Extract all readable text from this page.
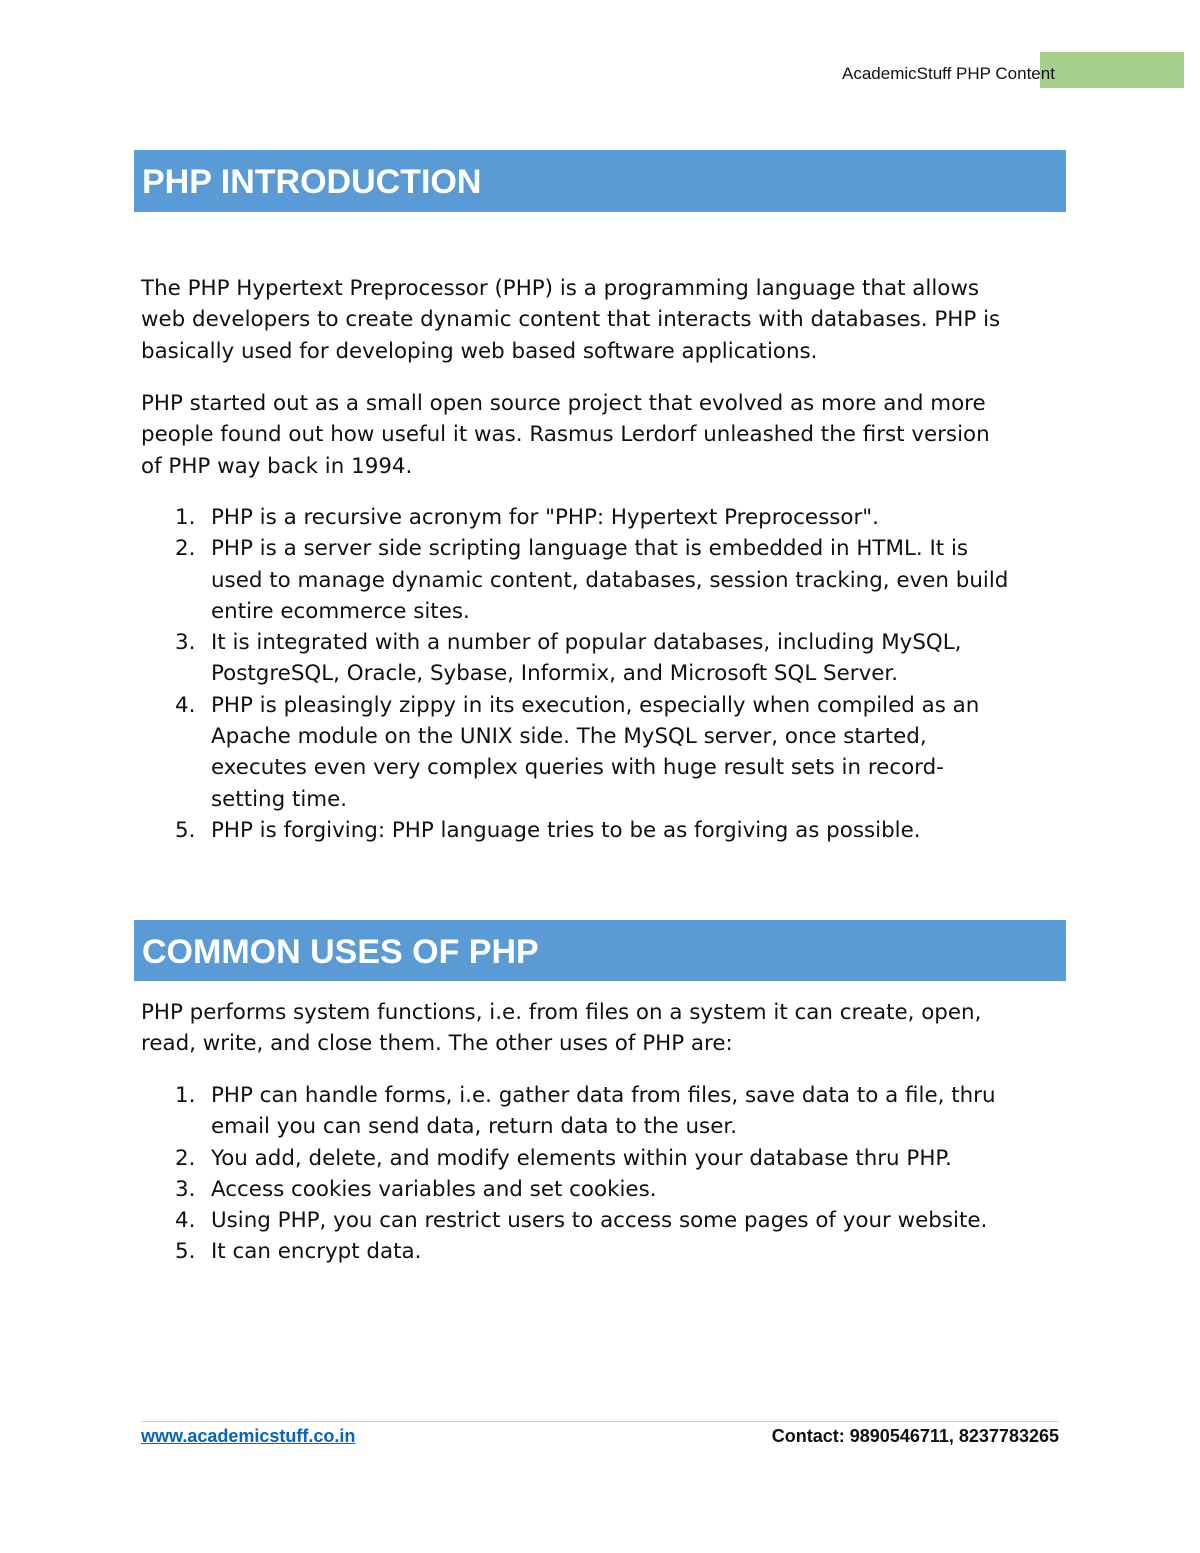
AcademicStuff PHP Content
PHP INTRODUCTION

The PHP Hypertext Preprocessor (PHP) is a programming language that allows
web developers to create dynamic content that interacts with databases. PHP is
basically used for developing web based software applications.

PHP started out as a small open source project that evolved as more and more
people found out how useful it was. Rasmus Lerdorf unleashed the first version
of PHP way back in 1994.

1. PHP is a recursive acronym for "PHP: Hypertext Preprocessor".
2. PHP is a server side scripting language that is embedded in HTML. It is
used to manage dynamic content, databases, session tracking, even build
entire ecommerce sites.
3. It is integrated with a number of popular databases, including MySQL,
PostgreSQL, Oracle, Sybase, Informix, and Microsoft SQL Server.
4. PHP is pleasingly zippy in its execution, especially when compiled as an
Apache module on the UNIX side. The MySQL server, once started,
executes even very complex queries with huge result sets in record-
setting time.
5. PHP is forgiving: PHP language tries to be as forgiving as possible.
COMMON USES OF PHP

PHP performs system functions, i.e. from files on a system it can create, open,
read, write, and close them. The other uses of PHP are:

1. PHP can handle forms, i.e. gather data from files, save data to a file, thru
email you can send data, return data to the user.
2. You add, delete, and modify elements within your database thru PHP.
3. Access cookies variables and set cookies.
4. Using PHP, you can restrict users to access some pages of your website.
5. It can encrypt data.
www.academicstuff.co.in	Contact: 9890546711, 8237783265
